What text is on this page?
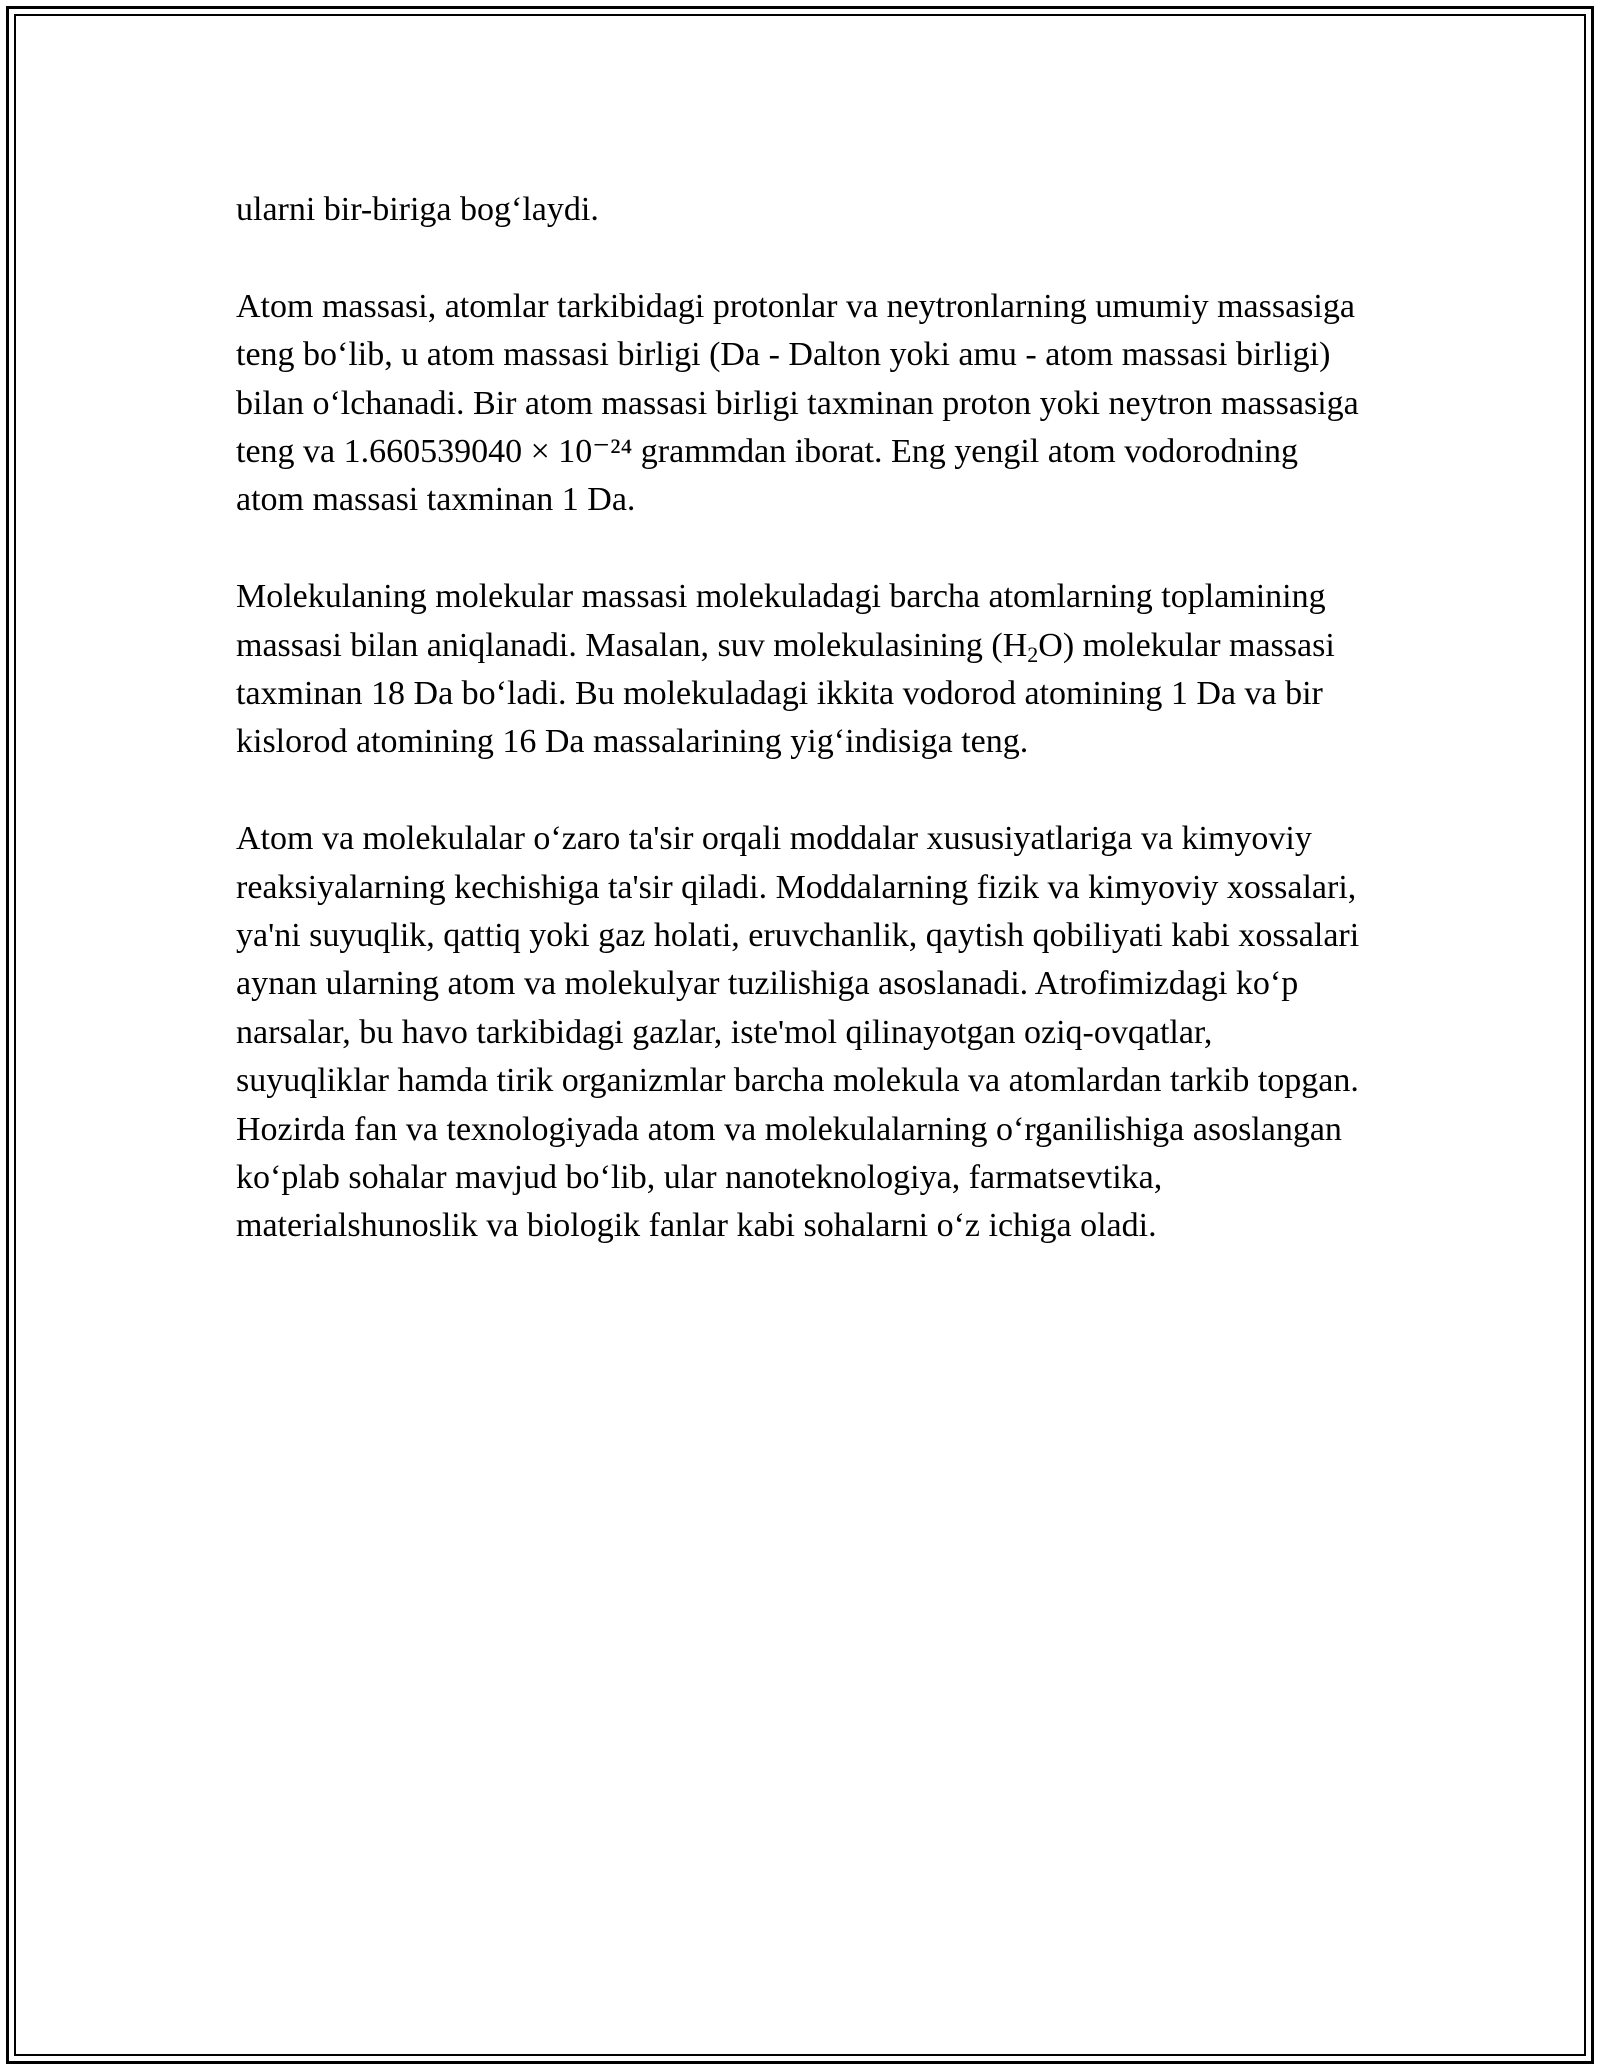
ularni bir-biriga bog‘laydi.

Atom massasi, atomlar tarkibidagi protonlar va neytronlarning umumiy massasiga teng bo‘lib, u atom massasi birligi (Da - Dalton yoki amu - atom massasi birligi) bilan o‘lchanadi. Bir atom massasi birligi taxminan proton yoki neytron massasiga teng va 1.660539040 × 10⁻²⁴ grammdan iborat. Eng yengil atom vodorodning atom massasi taxminan 1 Da.

Molekulaning molekular massasi molekuladagi barcha atomlarning toplamining massasi bilan aniqlanadi. Masalan, suv molekulasining $(H_2O)$ molekular massasi taxminan 18 Da bo‘ladi. Bu molekuladagi ikkita vodorod atomining 1 Da va bir kislorod atomining 16 Da massalarining yig‘indisiga teng.

Atom va molekulalar o‘zaro ta'sir orqali moddalar xususiyatlariga va kimyoviy reaksiyalarning kechishiga ta'sir qiladi. Moddalarning fizik va kimyoviy xossalari, ya'ni suyuqlik, qattiq yoki gaz holati, eruvchanlik, qaytish qobiliyati kabi xossalari aynan ularning atom va molekulyar tuzilishiga asoslanadi. Atrofimizdagi ko‘p narsalar, bu havo tarkibidagi gazlar, iste'mol qilinayotgan oziq-ovqatlar, suyuqliklar hamda tirik organizmlar barcha molekula va atomlardan tarkib topgan. Hozirda fan va texnologiyada atom va molekulalarning o‘rganilishiga asoslangan ko‘plab sohalar mavjud bo‘lib, ular nanoteknologiya, farmatsevtika, materialshunoslik va biologik fanlar kabi sohalarni o‘z ichiga oladi.
